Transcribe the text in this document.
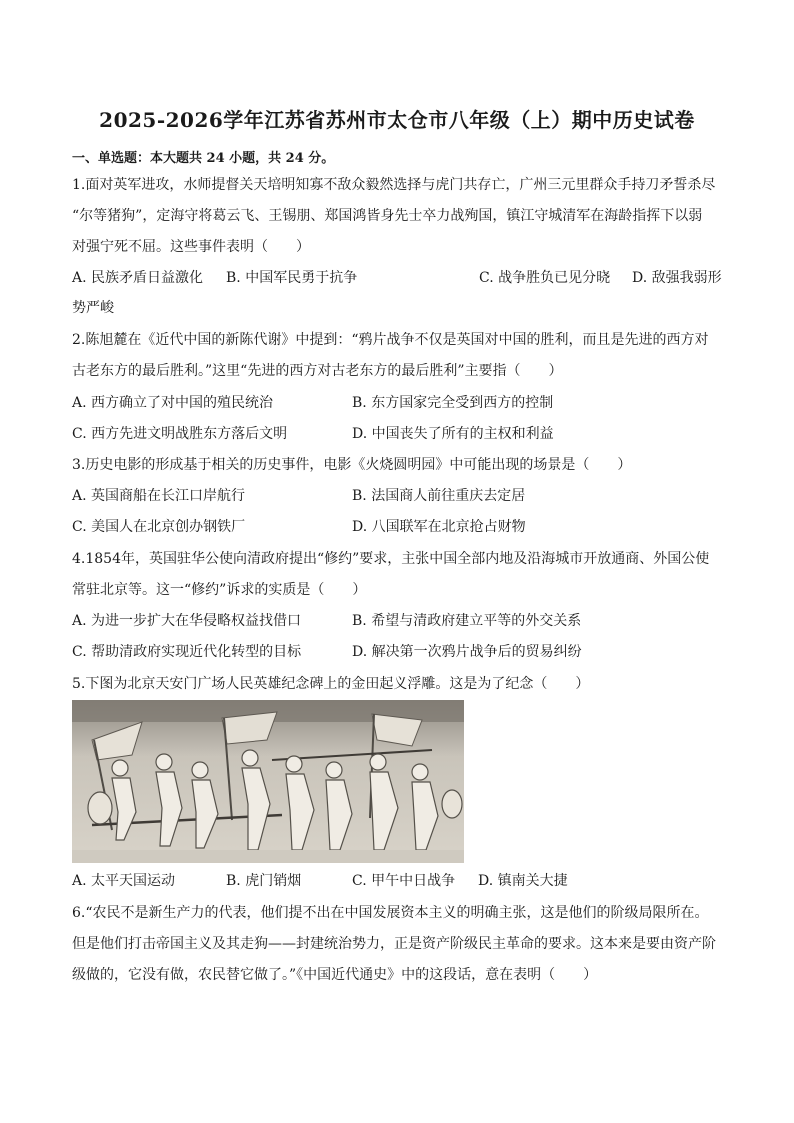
2025-2026学年江苏省苏州市太仓市八年级（上）期中历史试卷
一、单选题：本大题共 24 小题，共 24 分。
1.面对英军进攻，水师提督关天培明知寡不敌众毅然选择与虎门共存亡，广州三元里群众手持刀矛誓杀尽
“尔等猪狗”，定海守将葛云飞、王锡朋、郑国鸿皆身先士卒力战殉国，镇江守城清军在海龄指挥下以弱
对强宁死不屈。这些事件表明（　　）
A. 民族矛盾日益激化 B. 中国军民勇于抗争	C. 战争胜负已见分晓 D. 敌强我弱形
势严峻
2.陈旭麓在《近代中国的新陈代谢》中提到：“鸦片战争不仅是英国对中国的胜利，而且是先进的西方对
古老东方的最后胜利。”这里“先进的西方对古老东方的最后胜利”主要指（　　）
A. 西方确立了对中国的殖民统治	B. 东方国家完全受到西方的控制
C. 西方先进文明战胜东方落后文明	D. 中国丧失了所有的主权和利益
3.历史电影的形成基于相关的历史事件，电影《火烧圆明园》中可能出现的场景是（　　）
A. 英国商船在长江口岸航行	B. 法国商人前往重庆去定居
C. 美国人在北京创办钢铁厂	D. 八国联军在北京抢占财物
4.1854年，英国驻华公使向清政府提出“修约”要求，主张中国全部内地及沿海城市开放通商、外国公使
常驻北京等。这一“修约”诉求的实质是（　　）
A. 为进一步扩大在华侵略权益找借口	B. 希望与清政府建立平等的外交关系
C. 帮助清政府实现近代化转型的目标	D. 解决第一次鸦片战争后的贸易纠纷
5.下图为北京天安门广场人民英雄纪念碑上的金田起义浮雕。这是为了纪念（　　）
A. 太平天国运动	B. 虎门销烟	C. 甲午中日战争 D. 镇南关大捷
6.“农民不是新生产力的代表，他们提不出在中国发展资本主义的明确主张，这是他们的阶级局限所在。
但是他们打击帝国主义及其走狗——封建统治势力，正是资产阶级民主革命的要求。这本来是要由资产阶
级做的，它没有做，农民替它做了。”《中国近代通史》中的这段话，意在表明（　　）
